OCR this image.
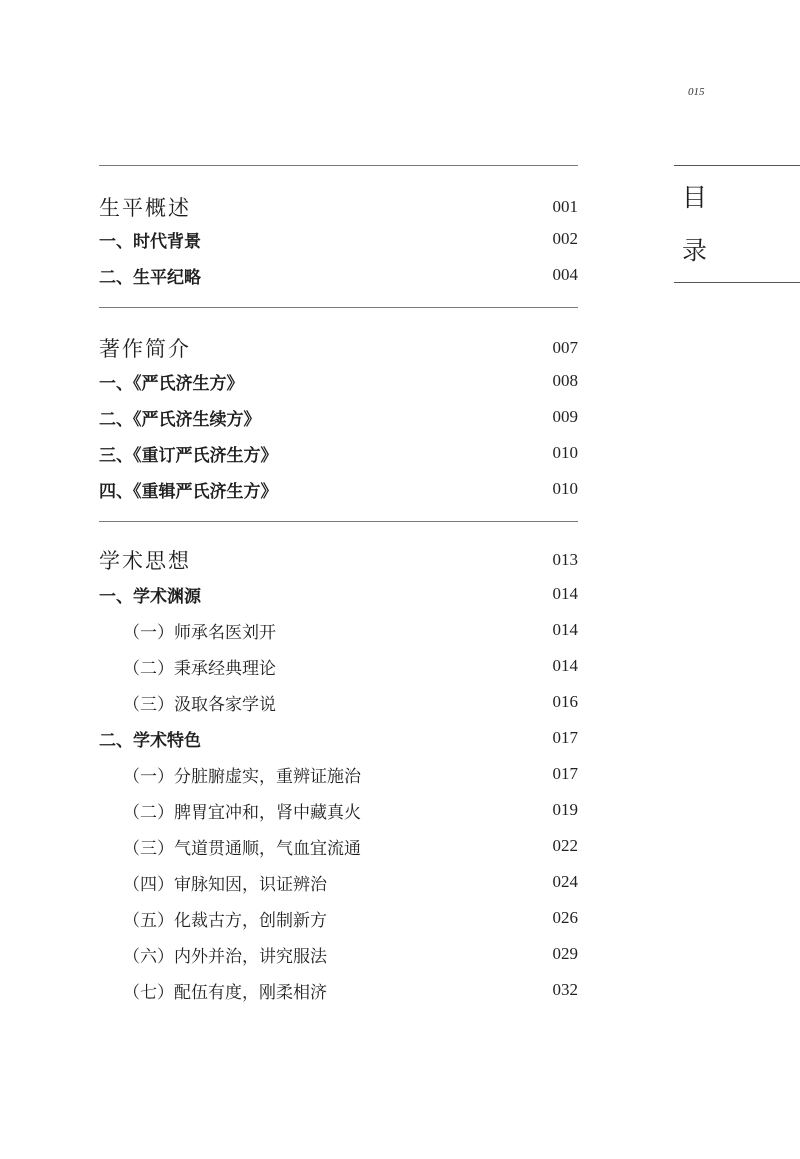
015
目
录
生平概述	001
一、时代背景	002
二、生平纪略	004
著作简介	007
一、《严氏济生方》	008
二、《严氏济生续方》	009
三、《重订严氏济生方》	010
四、《重辑严氏济生方》	010
学术思想	013
一、学术渊源	014
（一）师承名医刘开	014
（二）秉承经典理论	014
（三）汲取各家学说	016
二、学术特色	017
（一）分脏腑虚实，重辨证施治	017
（二）脾胃宜冲和，肾中藏真火	019
（三）气道贯通顺，气血宜流通	022
（四）审脉知因，识证辨治	024
（五）化裁古方，创制新方	026
（六）内外并治，讲究服法	029
（七）配伍有度，刚柔相济	032
